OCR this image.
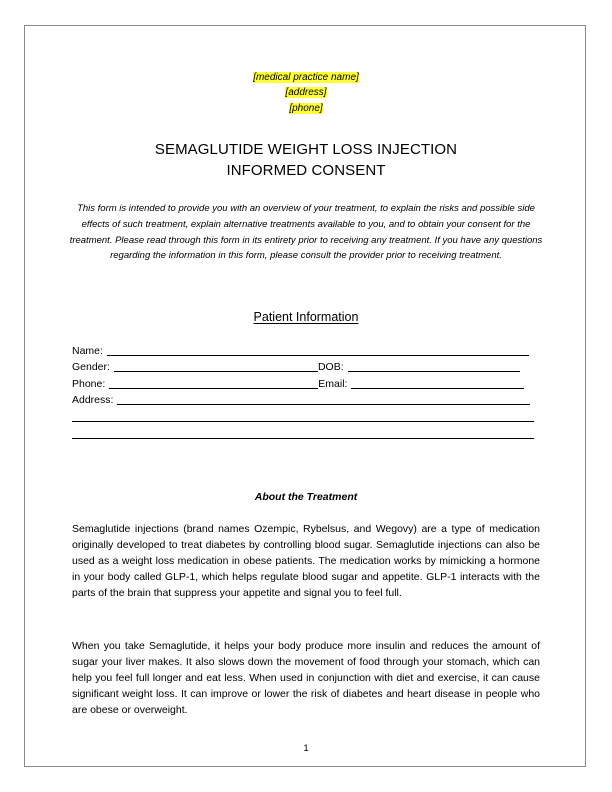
[medical practice name]
[address]
[phone]
SEMAGLUTIDE WEIGHT LOSS INJECTION
INFORMED CONSENT
This form is intended to provide you with an overview of your treatment, to explain the risks and possible side effects of such treatment, explain alternative treatments available to you, and to obtain your consent for the treatment. Please read through this form in its entirety prior to receiving any treatment. If you have any questions regarding the information in this form, please consult the provider prior to receiving treatment.
Patient Information
Name:
Gender:	DOB:
Phone:	Email:
Address:
About the Treatment
Semaglutide injections (brand names Ozempic, Rybelsus, and Wegovy) are a type of medication originally developed to treat diabetes by controlling blood sugar. Semaglutide injections can also be used as a weight loss medication in obese patients. The medication works by mimicking a hormone in your body called GLP-1, which helps regulate blood sugar and appetite. GLP-1 interacts with the parts of the brain that suppress your appetite and signal you to feel full.
When you take Semaglutide, it helps your body produce more insulin and reduces the amount of sugar your liver makes. It also slows down the movement of food through your stomach, which can help you feel full longer and eat less. When used in conjunction with diet and exercise, it can cause significant weight loss. It can improve or lower the risk of diabetes and heart disease in people who are obese or overweight.
1
